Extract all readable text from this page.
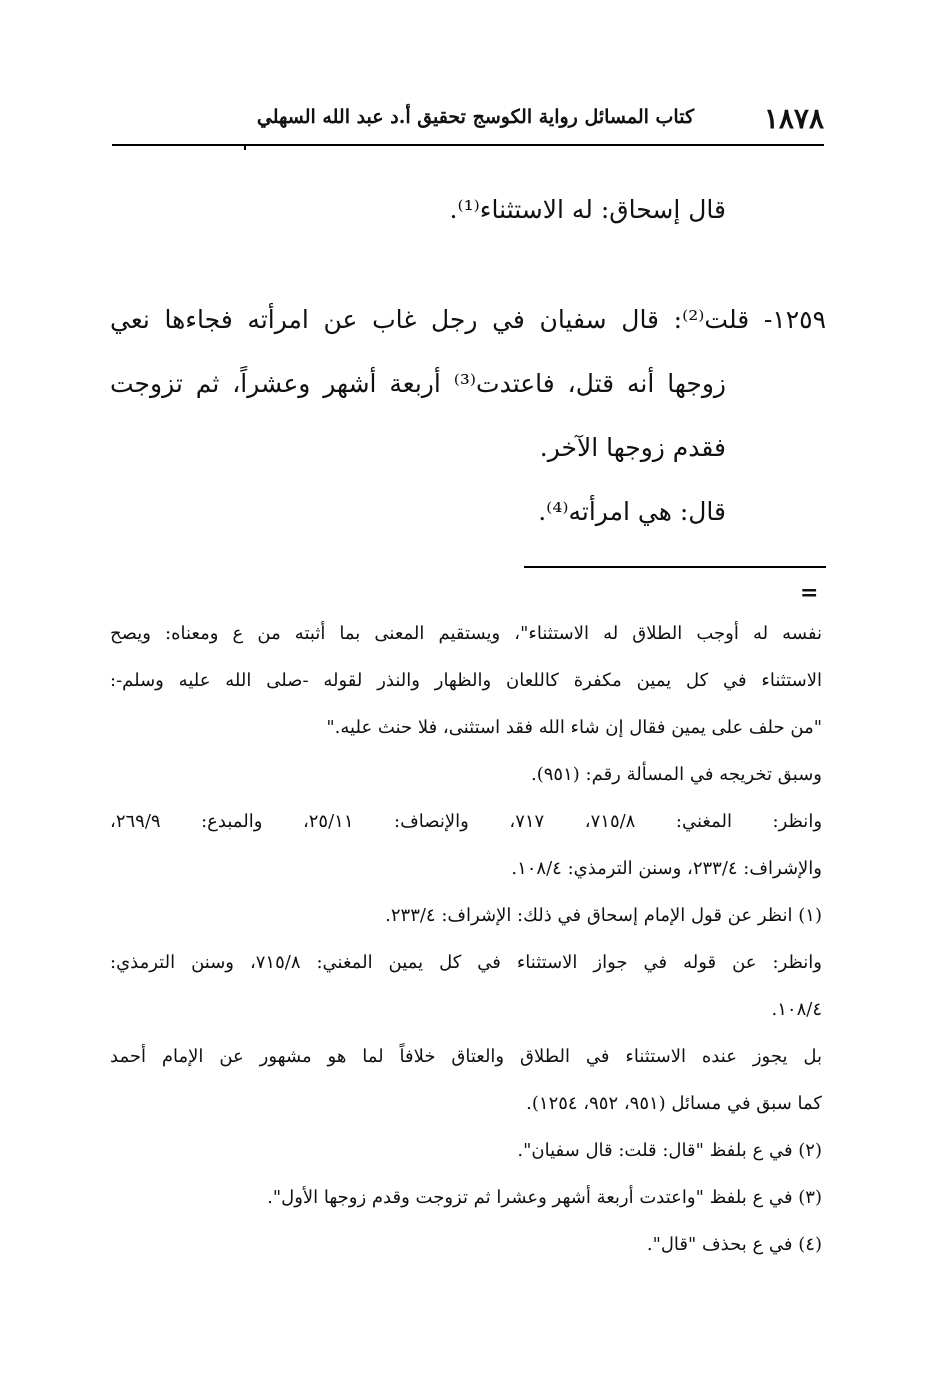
١٨٧٨
كتاب المسائل رواية الكوسج تحقيق أ.د عبد الله السهلي
قال إسحاق: له الاستثناء⁽¹⁾.

١٢٥٩- قلت⁽²⁾: قال سفيان في رجل غاب عن امرأته فجاءها نعي

زوجها أنه قتل، فاعتدت⁽³⁾ أربعة أشهر وعشراً، ثم تزوجت

فقدم زوجها الآخر.

قال: هي امرأته⁽⁴⁾.

=

نفسه له أوجب الطلاق له الاستثناء"، ويستقيم المعنى بما أثبته من ع ومعناه: ويصح

الاستثناء في كل يمين مكفرة كاللعان والظهار والنذر لقوله -صلى الله عليه وسلم-:

"من حلف على يمين فقال إن شاء الله فقد استثنى، فلا حنث عليه."

وسبق تخريجه في المسألة رقم: (٩٥١).

وانظر: المغني: ٧١٥/٨، ٧١٧، والإنصاف: ٢٥/١١، والمبدع: ٢٦٩/٩،

والإشراف: ٢٣٣/٤، وسنن الترمذي: ١٠٨/٤.

(١) انظر عن قول الإمام إسحاق في ذلك: الإشراف: ٢٣٣/٤.

وانظر: عن قوله في جواز الاستثناء في كل يمين المغني: ٧١٥/٨، وسنن الترمذي:

١٠٨/٤.

بل يجوز عنده الاستثناء في الطلاق والعتاق خلافاً لما هو مشهور عن الإمام أحمد

كما سبق في مسائل (٩٥١، ٩٥٢، ١٢٥٤).

(٢) في ع بلفظ "قال: قلت: قال سفيان".

(٣) في ع بلفظ "واعتدت أربعة أشهر وعشرا ثم تزوجت وقدم زوجها الأول".

(٤) في ع بحذف "قال".
